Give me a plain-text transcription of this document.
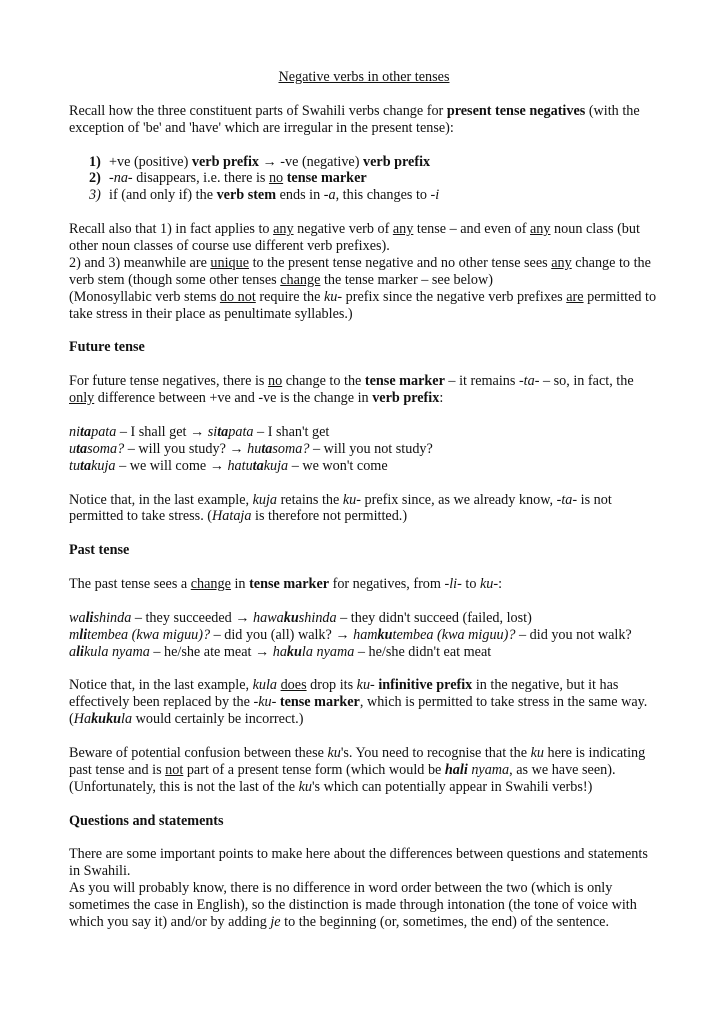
Negative verbs in other tenses

Recall how the three constituent parts of Swahili verbs change for present tense negatives (with the exception of 'be' and 'have' which are irregular in the present tense):

1) +ve (positive) verb prefix → -ve (negative) verb prefix
2) -na- disappears, i.e. there is no tense marker
3) if (and only if) the verb stem ends in -a, this changes to -i

Recall also that 1) in fact applies to any negative verb of any tense – and even of any noun class (but other noun classes of course use different verb prefixes).
2) and 3) meanwhile are unique to the present tense negative and no other tense sees any change to the verb stem (though some other tenses change the tense marker – see below)
(Monosyllabic verb stems do not require the ku- prefix since the negative verb prefixes are permitted to take stress in their place as penultimate syllables.)

Future tense

For future tense negatives, there is no change to the tense marker – it remains -ta- – so, in fact, the only difference between +ve and -ve is the change in verb prefix:

nitapata – I shall get → sitapata – I shan't get
utasoma? – will you study? → hutasoma? – will you not study?
tutakuja – we will come → hatutakuja – we won't come

Notice that, in the last example, kuja retains the ku- prefix since, as we already know, -ta- is not permitted to take stress. (Hataja is therefore not permitted.)

Past tense

The past tense sees a change in tense marker for negatives, from -li- to ku-:

walishinda – they succeeded → hawakushinda – they didn't succeed (failed, lost)
mlitembea (kwa miguu)? – did you (all) walk? → hamkutembea (kwa miguu)? – did you not walk?
alikula nyama – he/she ate meat → hakula nyama – he/she didn't eat meat

Notice that, in the last example, kula does drop its ku- infinitive prefix in the negative, but it has effectively been replaced by the -ku- tense marker, which is permitted to take stress in the same way. (Hakukula would certainly be incorrect.)

Beware of potential confusion between these ku's. You need to recognise that the ku here is indicating past tense and is not part of a present tense form (which would be hali nyama, as we have seen).
(Unfortunately, this is not the last of the ku's which can potentially appear in Swahili verbs!)

Questions and statements

There are some important points to make here about the differences between questions and statements in Swahili.
As you will probably know, there is no difference in word order between the two (which is only sometimes the case in English), so the distinction is made through intonation (the tone of voice with which you say it) and/or by adding je to the beginning (or, sometimes, the end) of the sentence.
